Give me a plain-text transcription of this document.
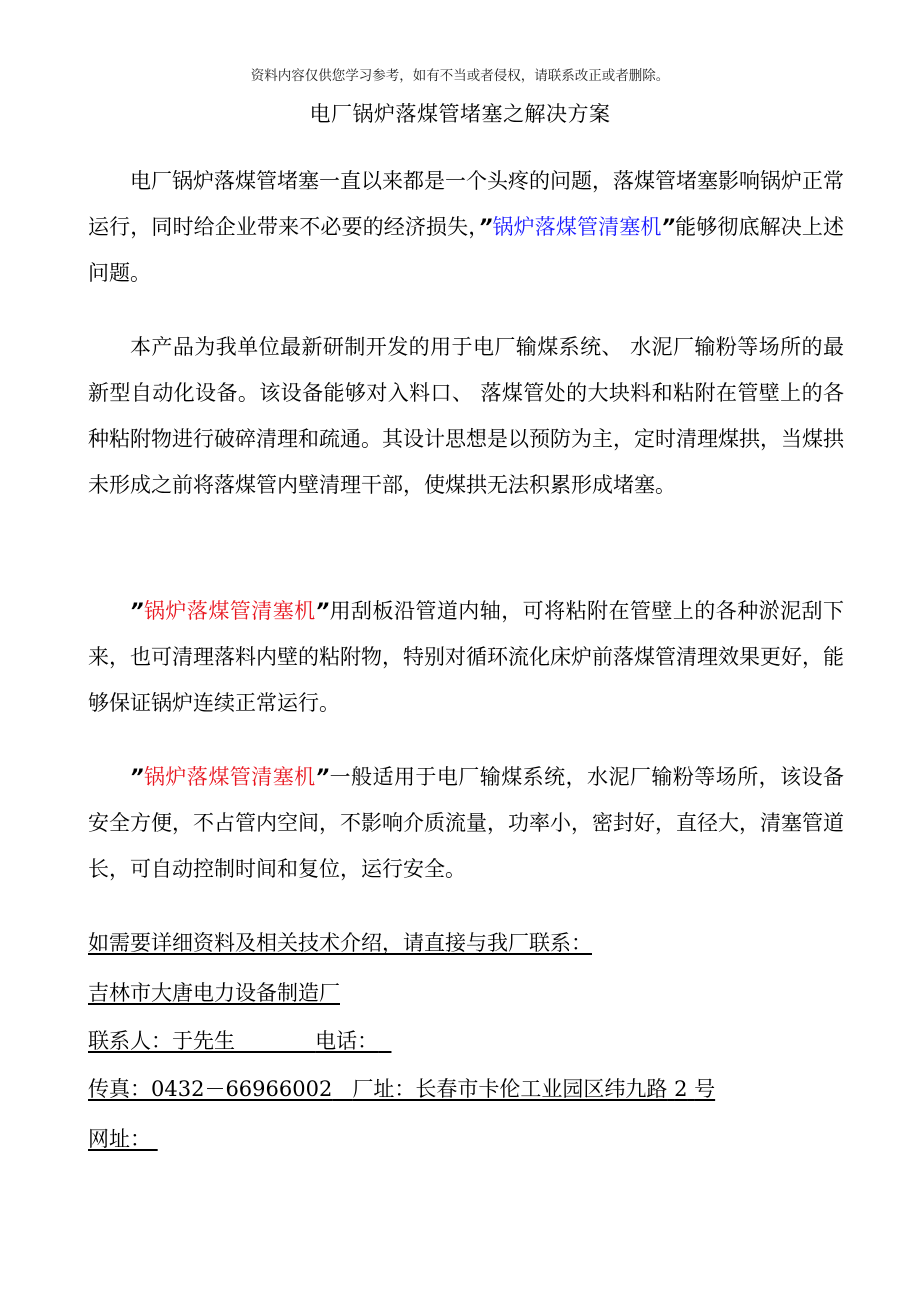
资料内容仅供您学习参考，如有不当或者侵权，请联系改正或者删除。
电厂锅炉落煤管堵塞之解决方案

电厂锅炉落煤管堵塞一直以来都是一个头疼的问题，落煤管堵塞影响锅炉正常运行，同时给企业带来不必要的经济损失，”锅炉落煤管清塞机”能够彻底解决上述问题。

本产品为我单位最新研制开发的用于电厂输煤系统、 水泥厂输粉等场所的最新型自动化设备。该设备能够对入料口、 落煤管处的大块料和粘附在管壁上的各种粘附物进行破碎清理和疏通。其设计思想是以预防为主，定时清理煤拱，当煤拱未形成之前将落煤管内壁清理干部，使煤拱无法积累形成堵塞。

”锅炉落煤管清塞机”用刮板沿管道内轴，可将粘附在管壁上的各种淤泥刮下来，也可清理落料内壁的粘附物，特别对循环流化床炉前落煤管清理效果更好，能够保证锅炉连续正常运行。

”锅炉落煤管清塞机”一般适用于电厂输煤系统，水泥厂输粉等场所，该设备安全方便，不占管内空间，不影响介质流量，功率小，密封好，直径大，清塞管道长，可自动控制时间和复位，运行安全。

如需要详细资料及相关技术介绍，请直接与我厂联系：
吉林市大唐电力设备制造厂
联系人：于先生	电话：
传真：0432－66966002 厂址：长春市卡伦工业园区纬九路 2 号
网址：
